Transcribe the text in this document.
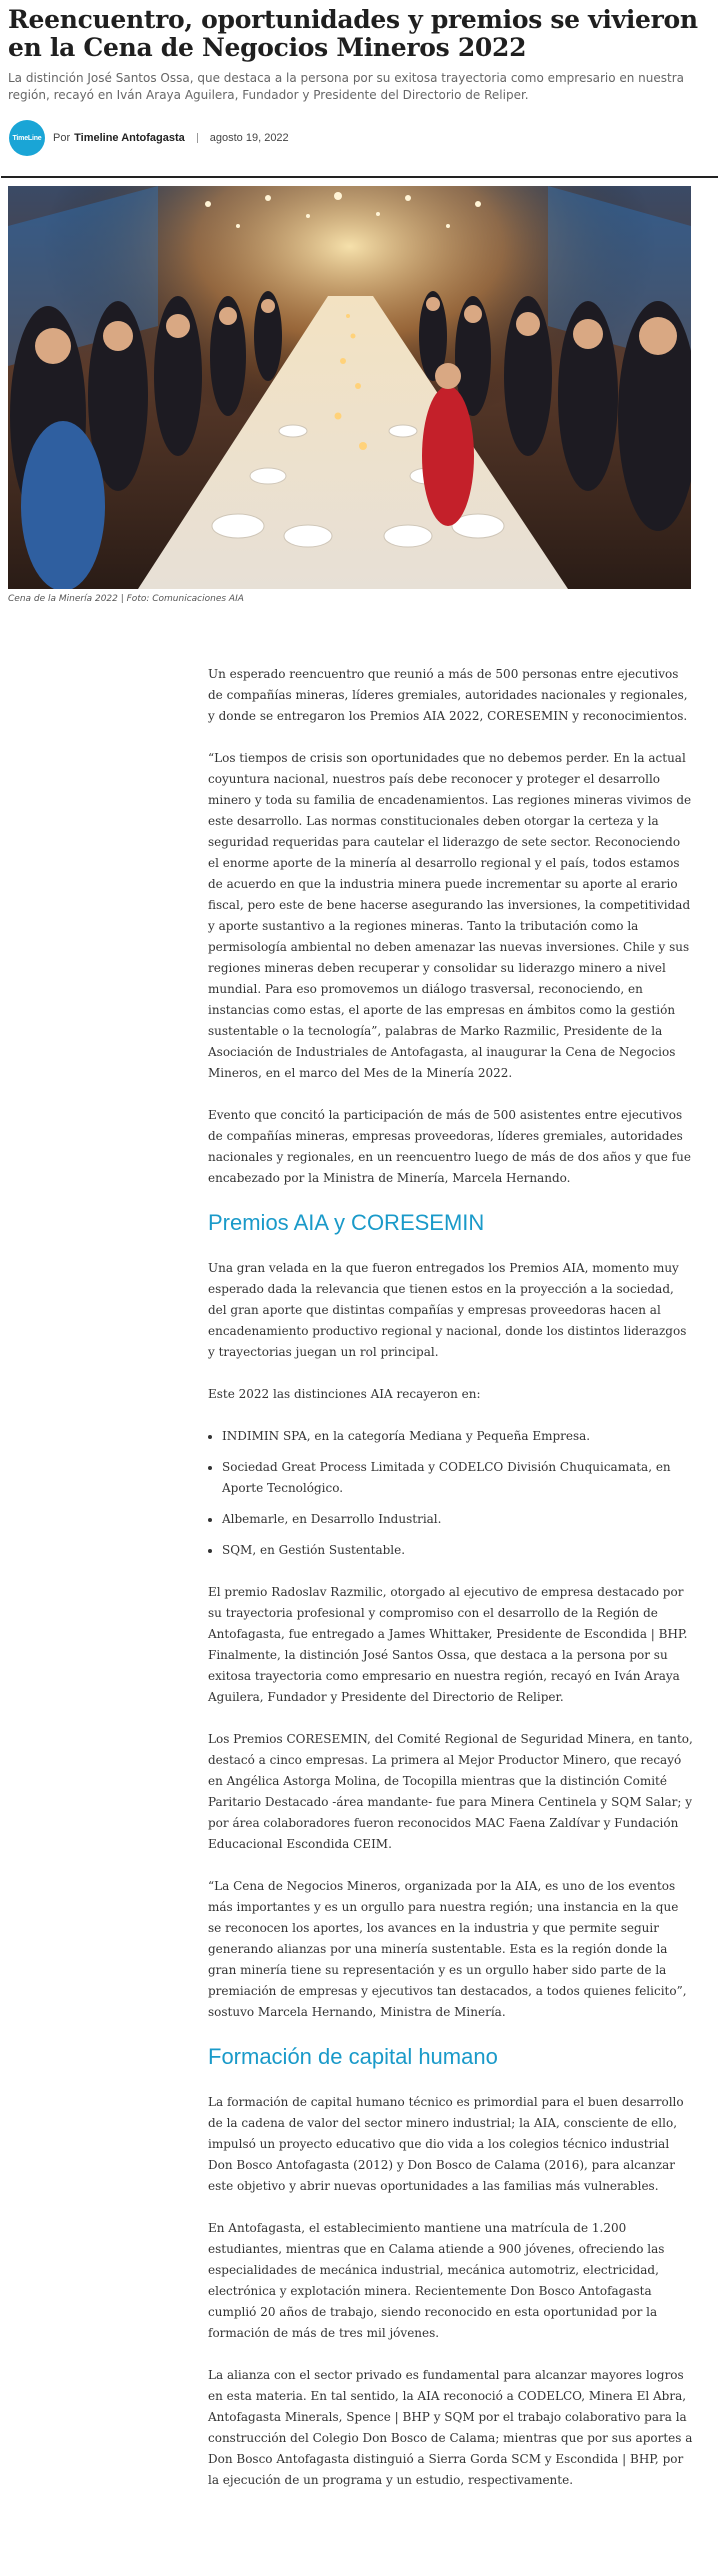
Reencuentro, oportunidades y premios se vivieron en la Cena de Negocios Mineros 2022

La distinción José Santos Ossa, que destaca a la persona por su exitosa trayectoria como empresario en nuestra región, recayó en Iván Araya Aguilera, Fundador y Presidente del Directorio de Reliper.

TimeLine Por Timeline Antofagasta agosto 19, 2022
Cena de la Minería 2022 | Foto: Comunicaciones AIA

Un esperado reencuentro que reunió a más de 500 personas entre ejecutivos de compañías mineras, líderes gremiales, autoridades nacionales y regionales, y donde se entregaron los Premios AIA 2022, CORESEMIN y reconocimientos.

“Los tiempos de crisis son oportunidades que no debemos perder. En la actual coyuntura nacional, nuestros país debe reconocer y proteger el desarrollo minero y toda su familia de encadenamientos. Las regiones mineras vivimos de este desarrollo. Las normas constitucionales deben otorgar la certeza y la seguridad requeridas para cautelar el liderazgo de sete sector. Reconociendo el enorme aporte de la minería al desarrollo regional y el país, todos estamos de acuerdo en que la industria minera puede incrementar su aporte al erario fiscal, pero este de bene hacerse asegurando las inversiones, la competitividad y aporte sustantivo a la regiones mineras. Tanto la tributación como la permisología ambiental no deben amenazar las nuevas inversiones. Chile y sus regiones mineras deben recuperar y consolidar su liderazgo minero a nivel mundial. Para eso promovemos un diálogo trasversal, reconociendo, en instancias como estas, el aporte de las empresas en ámbitos como la gestión sustentable o la tecnología”, palabras de Marko Razmilic, Presidente de la Asociación de Industriales de Antofagasta, al inaugurar la Cena de Negocios Mineros, en el marco del Mes de la Minería 2022.

Evento que concitó la participación de más de 500 asistentes entre ejecutivos de compañías mineras, empresas proveedoras, líderes gremiales, autoridades nacionales y regionales, en un reencuentro luego de más de dos años y que fue encabezado por la Ministra de Minería, Marcela Hernando.

Premios AIA y CORESEMIN

Una gran velada en la que fueron entregados los Premios AIA, momento muy esperado dada la relevancia que tienen estos en la proyección a la sociedad, del gran aporte que distintas compañías y empresas proveedoras hacen al encadenamiento productivo regional y nacional, donde los distintos liderazgos y trayectorias juegan un rol principal.

Este 2022 las distinciones AIA recayeron en:

• INDIMIN SPA, en la categoría Mediana y Pequeña Empresa.
• Sociedad Great Process Limitada y CODELCO División Chuquicamata, en Aporte Tecnológico.
• Albemarle, en Desarrollo Industrial.
• SQM, en Gestión Sustentable.

El premio Radoslav Razmilic, otorgado al ejecutivo de empresa destacado por su trayectoria profesional y compromiso con el desarrollo de la Región de Antofagasta, fue entregado a James Whittaker, Presidente de Escondida | BHP. Finalmente, la distinción José Santos Ossa, que destaca a la persona por su exitosa trayectoria como empresario en nuestra región, recayó en Iván Araya Aguilera, Fundador y Presidente del Directorio de Reliper.

Los Premios CORESEMIN, del Comité Regional de Seguridad Minera, en tanto, destacó a cinco empresas. La primera al Mejor Productor Minero, que recayó en Angélica Astorga Molina, de Tocopilla mientras que la distinción Comité Paritario Destacado -área mandante- fue para Minera Centinela y SQM Salar; y por área colaboradores fueron reconocidos MAC Faena Zaldívar y Fundación Educacional Escondida CEIM.

“La Cena de Negocios Mineros, organizada por la AIA, es uno de los eventos más importantes y es un orgullo para nuestra región; una instancia en la que se reconocen los aportes, los avances en la industria y que permite seguir generando alianzas por una minería sustentable. Esta es la región donde la gran minería tiene su representación y es un orgullo haber sido parte de la premiación de empresas y ejecutivos tan destacados, a todos quienes felicito”, sostuvo Marcela Hernando, Ministra de Minería.

Formación de capital humano

La formación de capital humano técnico es primordial para el buen desarrollo de la cadena de valor del sector minero industrial; la AIA, consciente de ello, impulsó un proyecto educativo que dio vida a los colegios técnico industrial Don Bosco Antofagasta (2012) y Don Bosco de Calama (2016), para alcanzar este objetivo y abrir nuevas oportunidades a las familias más vulnerables.

En Antofagasta, el establecimiento mantiene una matrícula de 1.200 estudiantes, mientras que en Calama atiende a 900 jóvenes, ofreciendo las especialidades de mecánica industrial, mecánica automotriz, electricidad, electrónica y explotación minera. Recientemente Don Bosco Antofagasta cumplió 20 años de trabajo, siendo reconocido en esta oportunidad por la formación de más de tres mil jóvenes.

La alianza con el sector privado es fundamental para alcanzar mayores logros en esta materia. En tal sentido, la AIA reconoció a CODELCO, Minera El Abra, Antofagasta Minerals, Spence | BHP y SQM por el trabajo colaborativo para la construcción del Colegio Don Bosco de Calama; mientras que por sus aportes a Don Bosco Antofagasta distinguió a Sierra Gorda SCM y Escondida | BHP, por la ejecución de un programa y un estudio, respectivamente.
